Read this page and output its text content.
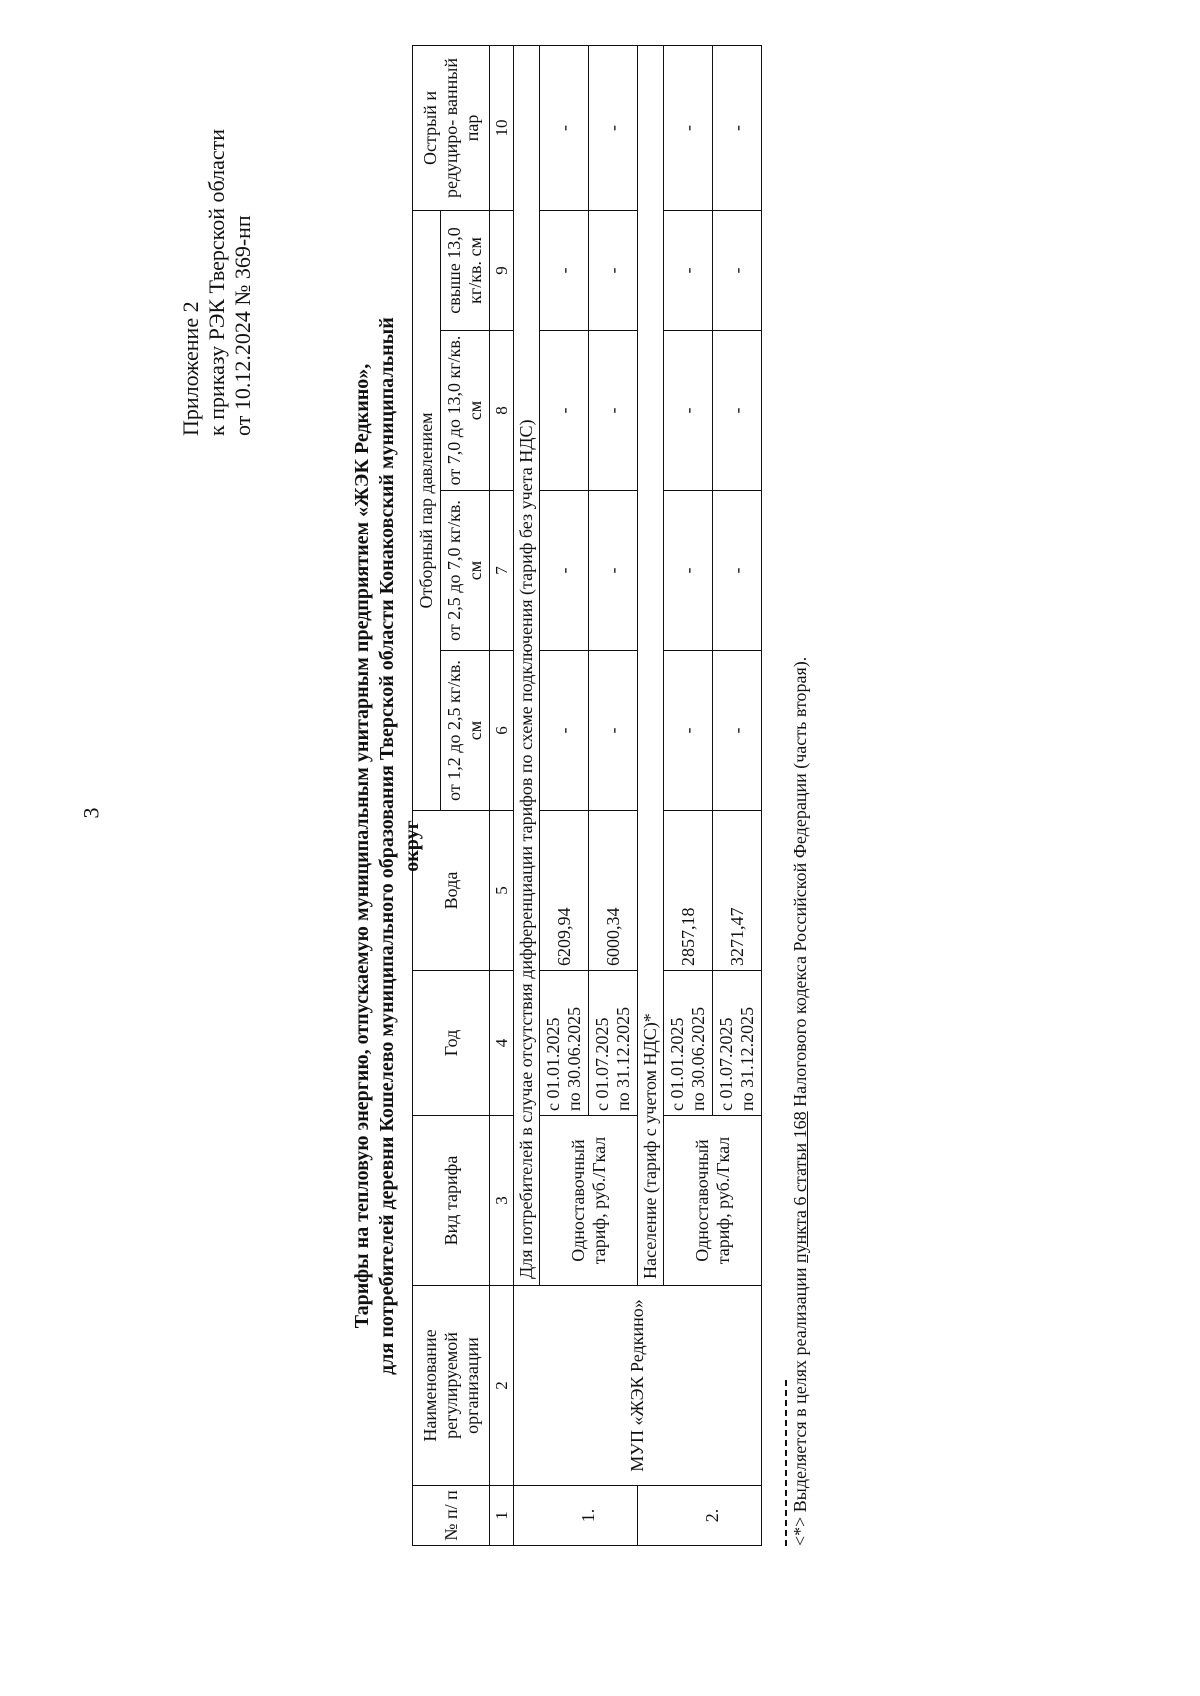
3
Приложение 2 к приказу РЭК Тверской области от 10.12.2024 № 369-нп
Тарифы на тепловую энергию, отпускаемую муниципальным унитарным предприятием «ЖЭК Редкино», для потребителей деревни Кошелево муниципального образования Тверской области Конаковский муниципальный округ
№ п/ п	Наименование регулируемой организации	Вид тарифа	Год	Вода	Отборный пар давлением				Острый и редуциро- ванный пар
					от 1,2 до 2,5 кг/кв. см	от 2,5 до 7,0 кг/кв. см	от 7,0 до 13,0 кг/кв. см	свыше 13,0 кг/кв. см	
1	2	3	4	5	6	7	8	9	10
	МУП «ЖЭК Редкино»	Для потребителей в случае отсутствия дифференциации тарифов по схеме подключения (тариф без учета НДС)							
1.		Одноставочный тариф, руб./Гкал	с 01.01.2025 по 30.06.2025	6209,94	-	-	-	-	-

			с 01.07.2025 по 31.12.2025	6000,34	-	-	-	-	-
		Население (тариф с учетом НДС)*							
2.		Одноставочный тариф, руб./Гкал	с 01.01.2025 по 30.06.2025	2857,18	-	-	-	-	-

			с 01.07.2025 по 31.12.2025	3271,47	-	-	-	-	-
<*> Выделяется в целях реализации пункта 6 статьи 168 Налогового кодекса Российской Федерации (часть вторая).
